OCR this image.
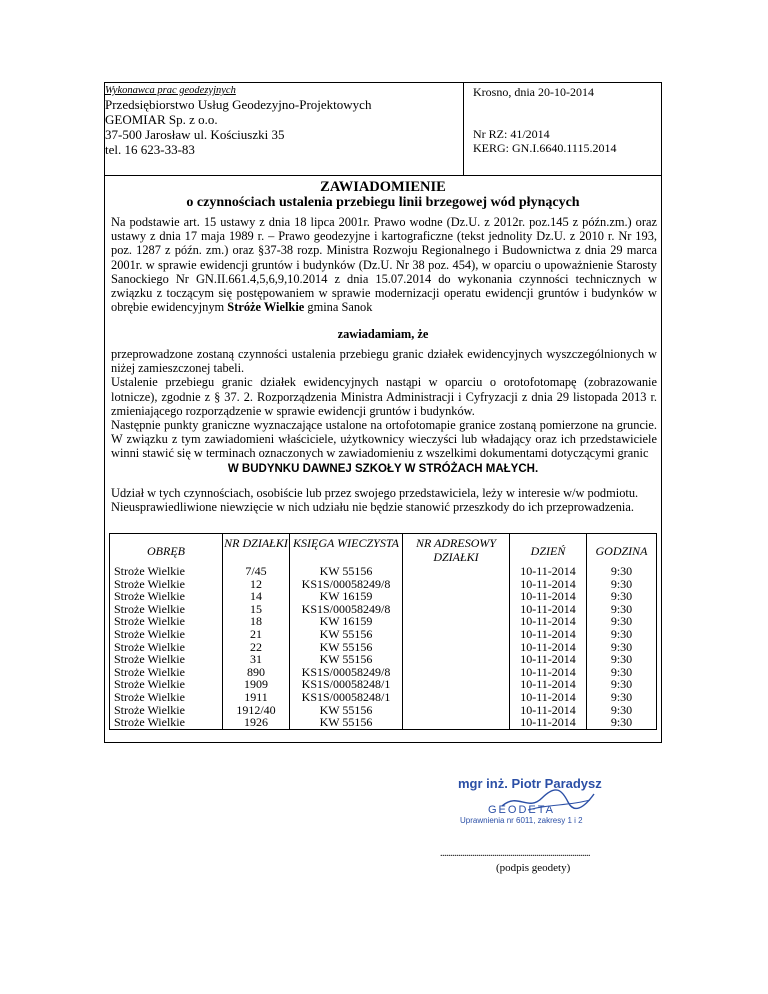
Wykonawca prac geodezyjnych
Przedsiębiorstwo Usług Geodezyjno-Projektowych
GEOMIAR Sp. z o.o.
37-500 Jarosław ul. Kościuszki 35
tel. 16 623-33-83
Krosno, dnia 20-10-2014
Nr RZ: 41/2014
KERG: GN.I.6640.1115.2014
ZAWIADOMIENIE
o czynnościach ustalenia przebiegu linii brzegowej wód płynących
Na podstawie art. 15 ustawy z dnia 18 lipca 2001r. Prawo wodne (Dz.U. z 2012r. poz.145 z późn.zm.) oraz ustawy z dnia 17 maja 1989 r. – Prawo geodezyjne i kartograficzne (tekst jednolity Dz.U. z 2010 r. Nr 193, poz. 1287 z późn. zm.) oraz §37-38 rozp. Ministra Rozwoju Regionalnego i Budownictwa z dnia 29 marca 2001r. w sprawie ewidencji gruntów i budynków (Dz.U. Nr 38 poz. 454), w oparciu o upoważnienie Starosty Sanockiego Nr GN.II.661.4,5,6,9,10.2014 z dnia 15.07.2014 do wykonania czynności technicznych w związku z toczącym się postępowaniem w sprawie modernizacji operatu ewidencji gruntów i budynków w obrębie ewidencyjnym Stróże Wielkie gmina Sanok
zawiadamiam, że

przeprowadzone zostaną czynności ustalenia przebiegu granic działek ewidencyjnych wyszczególnionych w niżej zamieszczonej tabeli.

Ustalenie przebiegu granic działek ewidencyjnych nastąpi w oparciu o orotofotomapę (zobrazowanie lotnicze), zgodnie z § 37. 2. Rozporządzenia Ministra Administracji i Cyfryzacji z dnia 29 listopada 2013 r. zmieniającego rozporządzenie w sprawie ewidencji gruntów i budynków.

Następnie punkty graniczne wyznaczające ustalone na ortofotomapie granice zostaną pomierzone na gruncie. W związku z tym zawiadomieni właściciele, użytkownicy wieczyści lub władający oraz ich przedstawiciele winni stawić się w terminach oznaczonych w zawiadomieniu z wszelkimi dokumentami dotyczącymi granic

W BUDYNKU DAWNEJ SZKOŁY W STRÓŻACH MAŁYCH.

Udział w tych czynnościach, osobiście lub przez swojego przedstawiciela, leży w interesie w/w podmiotu.

Nieusprawiedliwione niewzięcie w nich udziału nie będzie stanowić przeszkody do ich przeprowadzenia.

OBRĘB	NR DZIAŁKI	KSIĘGA WIECZYSTA	NR ADRESOWY DZIAŁKI	DZIEŃ	GODZINA
Stroże Wielkie	7/45	KW 55156		10-11-2014	9:30
Stroże Wielkie	12	KS1S/00058249/8		10-11-2014	9:30
Stroże Wielkie	14	KW 16159		10-11-2014	9:30
Stroże Wielkie	15	KS1S/00058249/8		10-11-2014	9:30
Stroże Wielkie	18	KW 16159		10-11-2014	9:30
Stroże Wielkie	21	KW 55156		10-11-2014	9:30
Stroże Wielkie	22	KW 55156		10-11-2014	9:30
Stroże Wielkie	31	KW 55156		10-11-2014	9:30
Stroże Wielkie	890	KS1S/00058249/8		10-11-2014	9:30
Stroże Wielkie	1909	KS1S/00058248/1		10-11-2014	9:30
Stroże Wielkie	1911	KS1S/00058248/1		10-11-2014	9:30
Stroże Wielkie	1912/40	KW 55156		10-11-2014	9:30
Stroże Wielkie	1926	KW 55156		10-11-2014	9:30
mgr inż. Piotr Paradysz
GEODETA
Uprawnienia nr 6011, zakresy 1 i 2
...........................................................................
(podpis geodety)
